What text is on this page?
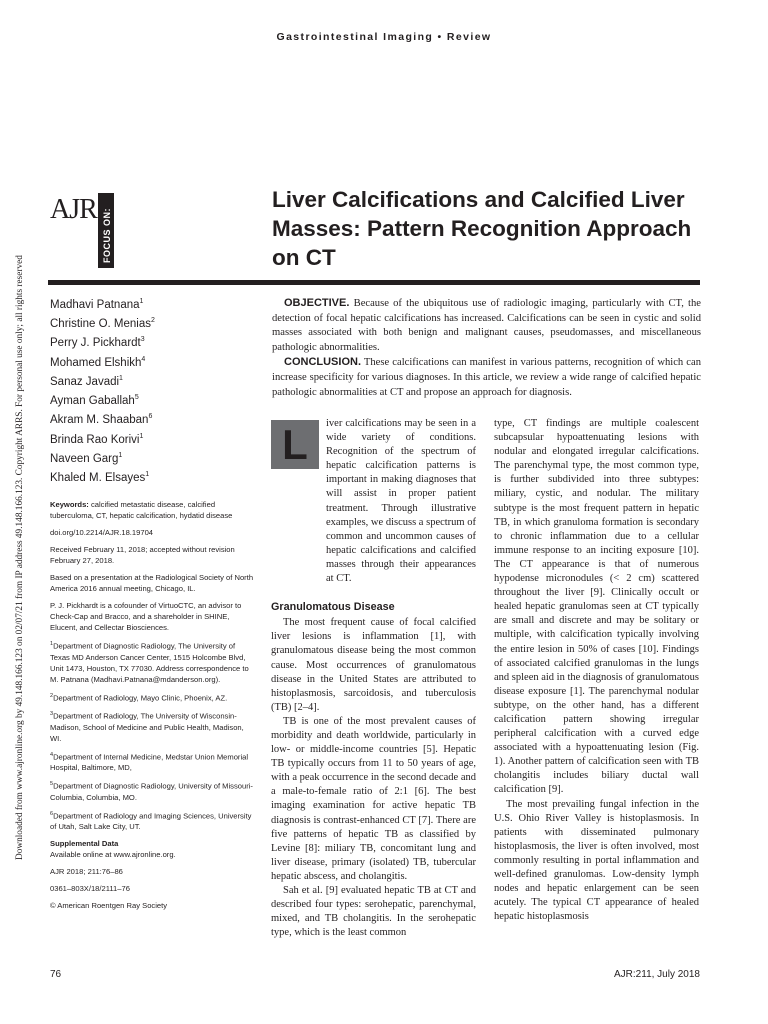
Gastrointestinal Imaging • Review
Downloaded from www.ajronline.org by 49.148.166.123 on 02/07/21 from IP address 49.148.166.123. Copyright ARRS. For personal use only; all rights reserved
AJR FOCUS ON:
Liver Calcifications and Calcified Liver Masses: Pattern Recognition Approach on CT
Madhavi Patnana$^1$
Christine O. Menias$^2$
Perry J. Pickhardt$^3$
Mohamed Elshikh$^4$
Sanaz Javadi$^1$
Ayman Gaballah$^5$
Akram M. Shaaban$^6$
Brinda Rao Korivi$^1$
Naveen Garg$^1$
Khaled M. Elsayes$^1$

OBJECTIVE. Because of the ubiquitous use of radiologic imaging, particularly with CT, the detection of focal hepatic calcifications has increased. Calcifications can be seen in cystic and solid masses associated with both benign and malignant causes, pseudomasses, and miscellaneous pathologic abnormalities.

CONCLUSION. These calcifications can manifest in various patterns, recognition of which can increase specificity for various diagnoses. In this article, we review a wide range of calcified hepatic pathologic abnormalities at CT and propose an approach for diagnosis.

Keywords: calcified metastatic disease, calcified tuberculoma, CT, hepatic calcification, hydatid disease

doi.org/10.2214/AJR.18.19704

Received February 11, 2018; accepted without revision February 27, 2018.

Based on a presentation at the Radiological Society of North America 2016 annual meeting, Chicago, IL.

P. J. Pickhardt is a cofounder of VirtuoCTC, an advisor to Check-Cap and Bracco, and a shareholder in SHINE, Elucent, and Cellectar Biosciences.

$^1$Department of Diagnostic Radiology, The University of Texas MD Anderson Cancer Center, 1515 Holcombe Blvd, Unit 1473, Houston, TX 77030. Address correspondence to M. Patnana (Madhavi.Patnana@mdanderson.org).

$^2$Department of Radiology, Mayo Clinic, Phoenix, AZ.

$^3$Department of Radiology, The University of Wisconsin-Madison, School of Medicine and Public Health, Madison, WI.

$^4$Department of Internal Medicine, Medstar Union Memorial Hospital, Baltimore, MD,

$^5$Department of Diagnostic Radiology, University of Missouri-Columbia, Columbia, MO.

$^6$Department of Radiology and Imaging Sciences, University of Utah, Salt Lake City, UT.

Supplemental Data

Available online at www.ajronline.org.

AJR 2018; 211:76–86

0361–803X/18/2111–76

© American Roentgen Ray Society

L	iver calcifications may be seen in a wide variety of conditions. Recognition of the spectrum of hepatic calcification patterns is important in making diagnoses that will assist in proper patient treatment. Through illustrative examples, we discuss a spectrum of common and uncommon causes of hepatic calcifications and calcified masses through their appearances at CT.

Granulomatous Disease

The most frequent cause of focal calcified liver lesions is inflammation [1], with granulomatous disease being the most common cause. Most occurrences of granulomatous disease in the United States are attributed to histoplasmosis, sarcoidosis, and tuberculosis (TB) [2–4].

TB is one of the most prevalent causes of morbidity and death worldwide, particularly in low- or middle-income countries [5]. Hepatic TB typically occurs from 11 to 50 years of age, with a peak occurrence in the second decade and a male-to-female ratio of 2:1 [6]. The best imaging examination for active hepatic TB diagnosis is contrast-enhanced CT [7]. There are five patterns of hepatic TB as classified by Levine [8]: miliary TB, concomitant lung and liver disease, primary (isolated) TB, tubercular hepatic abscess, and cholangitis.

Sah et al. [9] evaluated hepatic TB at CT and described four types: serohepatic, parenchymal, mixed, and TB cholangitis. In the serohepatic type, which is the least common

type, CT findings are multiple coalescent subcapsular hypoattenuating lesions with nodular and elongated irregular calcifications. The parenchymal type, the most common type, is further subdivided into three subtypes: miliary, cystic, and nodular. The military subtype is the most frequent pattern in hepatic TB, in which granuloma formation is secondary to chronic inflammation due to a cellular immune response to an inciting exposure [10]. The CT appearance is that of numerous hypodense micronodules (< 2 cm) scattered throughout the liver [9]. Clinically occult or healed hepatic granulomas seen at CT typically are small and discrete and may be solitary or multiple, with calcification typically involving the entire lesion in 50% of cases [10]. Findings of associated calcified granulomas in the lungs and spleen aid in the diagnosis of granulomatous disease exposure [1]. The parenchymal nodular subtype, on the other hand, has a different calcification pattern showing irregular peripheral calcification with a curved edge associated with a hypoattenuating lesion (Fig. 1). Another pattern of calcification seen with TB cholangitis includes biliary ductal wall calcification [9].

The most prevailing fungal infection in the U.S. Ohio River Valley is histoplasmosis. In patients with disseminated pulmonary histoplasmosis, the liver is often involved, most commonly resulting in portal inflammation and well-defined granulomas. Low-density lymph nodes and hepatic enlargement can be seen acutely. The typical CT appearance of healed hepatic histoplasmosis

76	AJR:211, July 2018
